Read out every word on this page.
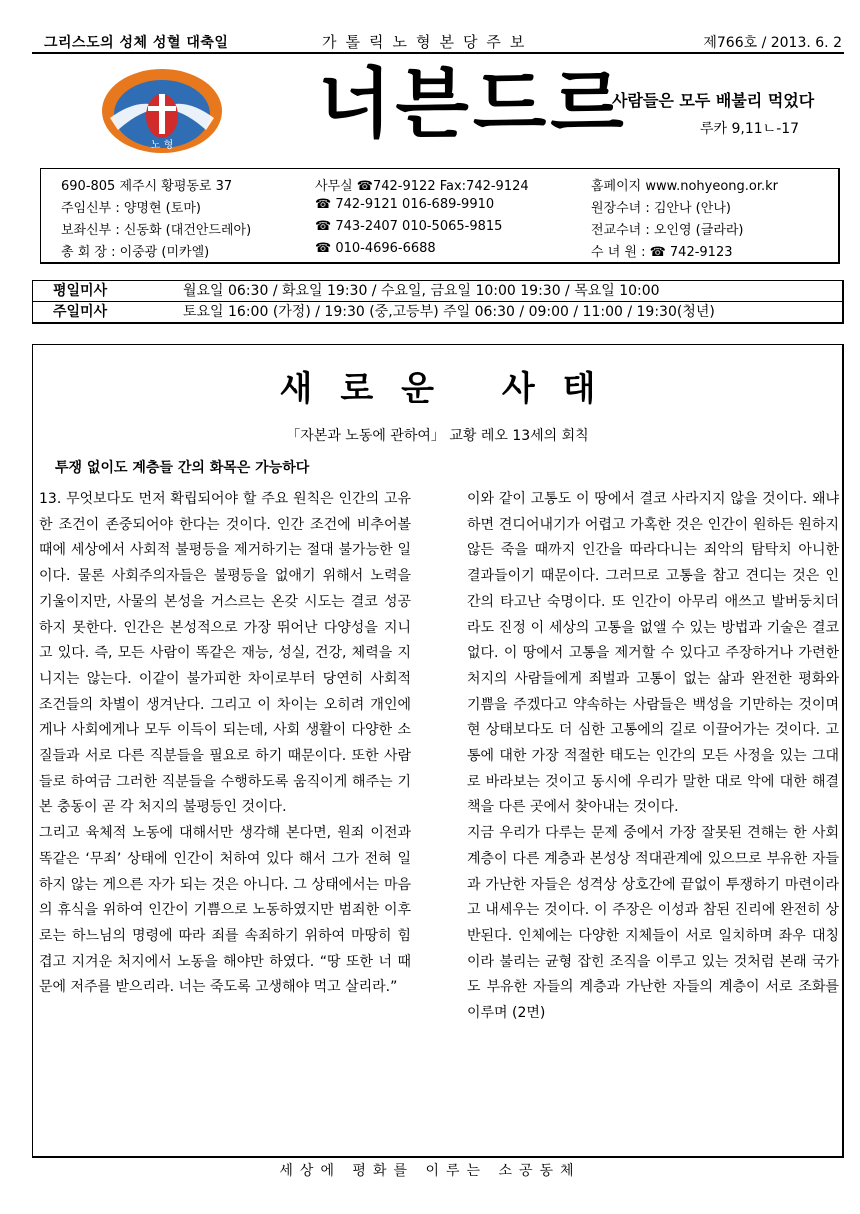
그리스도의 성체 성혈 대축일	가톨릭노형본당주보	제766호 / 2013. 6. 2
노 형 너븐드르
사람들은 모두 배불리 먹었다
루카 9,11ㄴ-17
690-805 제주시 황평동로 37	사무실 ☎742-9122 Fax:742-9124	홈페이지 www.nohyeong.or.kr
주임신부 : 양명현 (토마)	☎ 742-9121 016-689-9910	원장수녀 : 김안나 (안나)
보좌신부 : 신동화 (대건안드레아)	☎ 743-2407 010-5065-9815	전교수녀 : 오인영 (글라라)
총 회 장 : 이중광 (미카엘)	☎ 010-4696-6688	수 녀 원 : ☎ 742-9123
평일미사	월요일 06:30 / 화요일 19:30 / 수요일, 금요일 10:00 19:30 / 목요일 10:00
주일미사	토요일 16:00 (가정) / 19:30 (중,고등부) 주일 06:30 / 09:00 / 11:00 / 19:30(청년)
새로운 사태
「자본과 노동에 관하여」 교황 레오 13세의 회칙
투쟁 없이도 계층들 간의 화목은 가능하다

13. 무엇보다도 먼저 확립되어야 할 주요 원칙은 인간의 고유한 조건이 존중되어야 한다는 것이다. 인간 조건에 비추어볼 때에 세상에서 사회적 불평등을 제거하기는 절대 불가능한 일이다. 물론 사회주의자들은 불평등을 없애기 위해서 노력을 기울이지만, 사물의 본성을 거스르는 온갖 시도는 결코 성공하지 못한다. 인간은 본성적으로 가장 뛰어난 다양성을 지니고 있다. 즉, 모든 사람이 똑같은 재능, 성실, 건강, 체력을 지니지는 않는다. 이같이 불가피한 차이로부터 당연히 사회적 조건들의 차별이 생겨난다. 그리고 이 차이는 오히려 개인에게나 사회에게나 모두 이득이 되는데, 사회 생활이 다양한 소질들과 서로 다른 직분들을 필요로 하기 때문이다. 또한 사람들로 하여금 그러한 직분들을 수행하도록 움직이게 해주는 기본 충동이 곧 각 처지의 불평등인 것이다.

그리고 육체적 노동에 대해서만 생각해 본다면, 원죄 이전과 똑같은 ‘무죄’ 상태에 인간이 처하여 있다 해서 그가 전혀 일하지 않는 게으른 자가 되는 것은 아니다. 그 상태에서는 마음의 휴식을 위하여 인간이 기쁨으로 노동하였지만 범죄한 이후로는 하느님의 명령에 따라 죄를 속죄하기 위하여 마땅히 힘겹고 지겨운 처지에서 노동을 해야만 하였다. “땅 또한 너 때문에 저주를 받으리라. 너는 죽도록 고생해야 먹고 살리라.”

이와 같이 고통도 이 땅에서 결코 사라지지 않을 것이다. 왜냐하면 견디어내기가 어렵고 가혹한 것은 인간이 원하든 원하지 않든 죽을 때까지 인간을 따라다니는 죄악의 탐탁치 아니한 결과들이기 때문이다. 그러므로 고통을 참고 견디는 것은 인간의 타고난 숙명이다. 또 인간이 아무리 애쓰고 발버둥치더라도 진정 이 세상의 고통을 없앨 수 있는 방법과 기술은 결코 없다. 이 땅에서 고통을 제거할 수 있다고 주장하거나 가련한 처지의 사람들에게 죄벌과 고통이 없는 삶과 완전한 평화와 기쁨을 주겠다고 약속하는 사람들은 백성을 기만하는 것이며 현 상태보다도 더 심한 고통에의 길로 이끌어가는 것이다. 고통에 대한 가장 적절한 태도는 인간의 모든 사정을 있는 그대로 바라보는 것이고 동시에 우리가 말한 대로 악에 대한 해결책을 다른 곳에서 찾아내는 것이다.

지금 우리가 다루는 문제 중에서 가장 잘못된 견해는 한 사회 계층이 다른 계층과 본성상 적대관계에 있으므로 부유한 자들과 가난한 자들은 성격상 상호간에 끝없이 투쟁하기 마련이라고 내세우는 것이다. 이 주장은 이성과 참된 진리에 완전히 상반된다. 인체에는 다양한 지체들이 서로 일치하며 좌우 대칭이라 불리는 균형 잡힌 조직을 이루고 있는 것처럼 본래 국가도 부유한 자들의 계층과 가난한 자들의 계층이 서로 조화를 이루며 (2면)

세상에 평화를 이루는 소공동체
